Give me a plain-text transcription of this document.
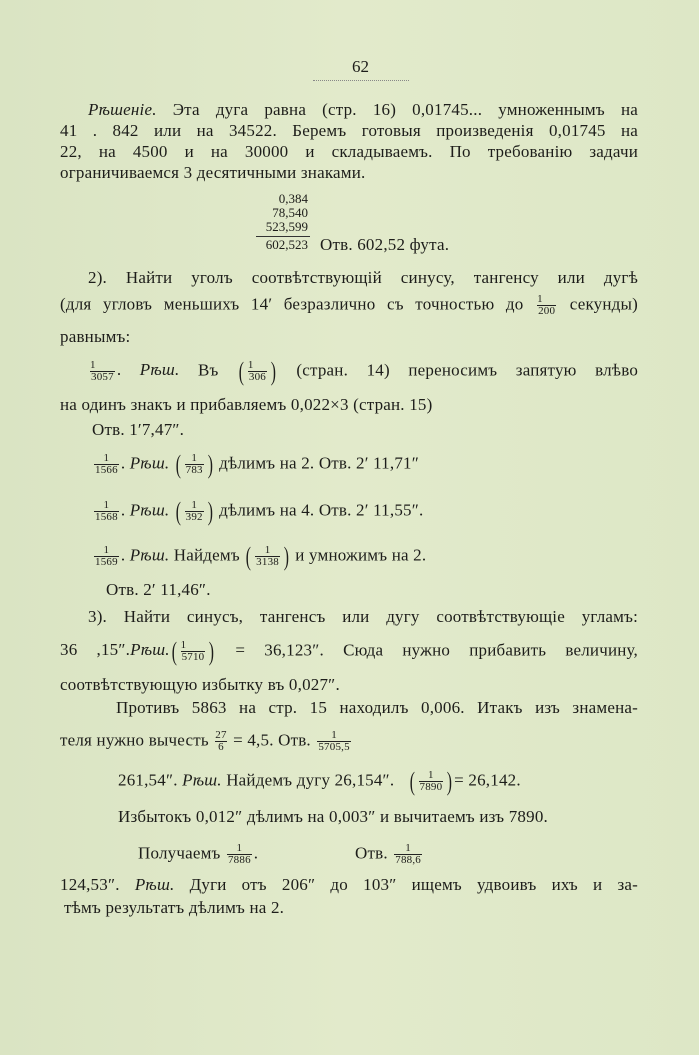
62
Рѣшеніе. Эта дуга равна (стр. 16) 0,01745... умноженнымъ на
41 . 842 или на 34522. Беремъ готовыя произведенія 0,01745 на
22, на 4500 и на 30000 и складываемъ. По требованію задачи
ограничиваемся 3 десятичными знаками.
0,384
78,540
523,599
602,523 Отв. 602,52 фута.
2). Найти уголъ соотвѣтствующій синусу, тангенсу или дугѣ
(для угловъ меньшихъ 14′ безразлично съ точностью до $\frac{1}{200}$ секунды)
равнымъ:
$\frac{1}{3057}$ . Рѣш. Въ ( $\frac{1}{306}$ ) (стран. 14) переносимъ запятую влѣво
на одинъ знакъ и прибавляемъ 0,022×3 (стран. 15)
Отв. 1′7,47″.
$\frac{1}{1566}$ . Рѣш. ( $\frac{1}{783}$ ) дѣлимъ на 2. Отв. 2′ 11,71″
$\frac{1}{1568}$ . Рѣш. ( $\frac{1}{392}$ ) дѣлимъ на 4. Отв. 2′ 11,55″.
$\frac{1}{1569}$ . Рѣш. Найдемъ ( $\frac{1}{3138}$ ) и умножимъ на 2.
Отв. 2′ 11,46″.
3). Найти синусъ, тангенсъ или дугу соотвѣтствующіе угламъ:
36 $,15''.Рѣш.( \frac{1}{5710}$ ) = 36,123″. Сюда нужно прибавить величину,
соотвѣтствующую избытку въ 0,027″.
Противъ 5863 на стр. 15 находилъ 0,006. Итакъ изъ знамена-
теля нужно вычесть $\frac{27}{6} = 4,5$. Отв. $\frac{1}{5705,5}$
261,54″. Рѣш. Найдемъ дугу 26,154″. ( $\frac{1}{7890}$ ) = 26,142.
Избытокъ 0,012″ дѣлимъ на 0,003″ и вычитаемъ изъ 7890.
Получаемъ $\frac{1}{7886}$ .	Отв. $\frac{1}{788,6}$
124,53″. Рѣш. Дуги отъ 206″ до 103″ ищемъ удвоивъ ихъ и за-
тѣмъ результатъ дѣлимъ на 2.
